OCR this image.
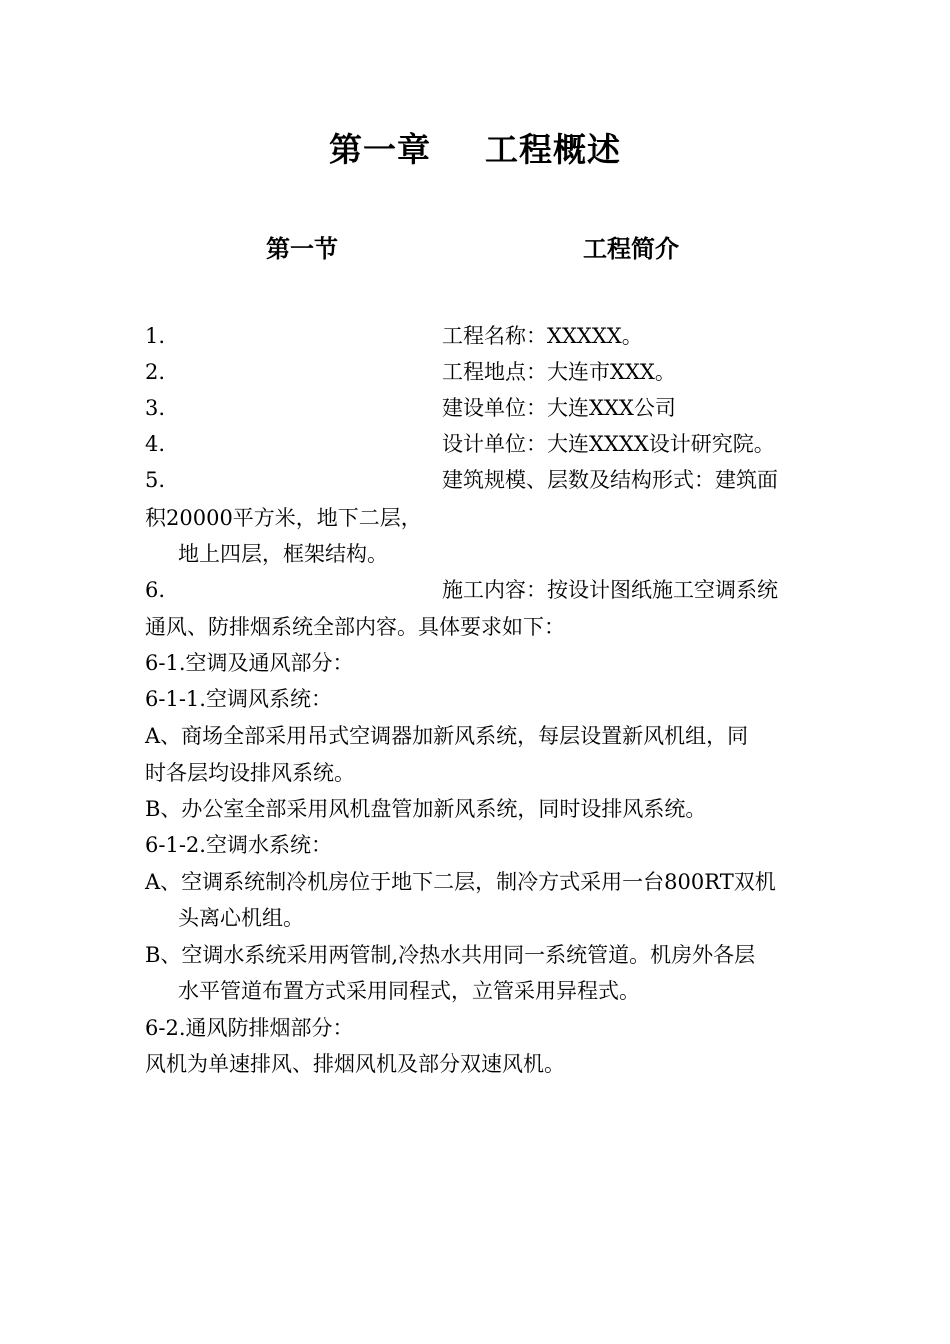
第一章 工程概述
第一节	工程简介
1.	工程名称：XXXXX。
2.	工程地点：大连市XXX。
3.	建设单位：大连XXX公司
4.	设计单位：大连XXXX设计研究院。
5.	建筑规模、层数及结构形式：建筑面
积20000平方米，地下二层，
地上四层，框架结构。
6.	施工内容：按设计图纸施工空调系统
通风、防排烟系统全部内容。具体要求如下：
6-1.空调及通风部分：
6-1-1.空调风系统：
A、商场全部采用吊式空调器加新风系统，每层设置新风机组，同
时各层均设排风系统。
B、办公室全部采用风机盘管加新风系统，同时设排风系统。
6-1-2.空调水系统：
A、空调系统制冷机房位于地下二层，制冷方式采用一台800RT双机
头离心机组。
B、空调水系统采用两管制,冷热水共用同一系统管道。机房外各层
水平管道布置方式采用同程式，立管采用异程式。
6-2.通风防排烟部分：
风机为单速排风、排烟风机及部分双速风机。
